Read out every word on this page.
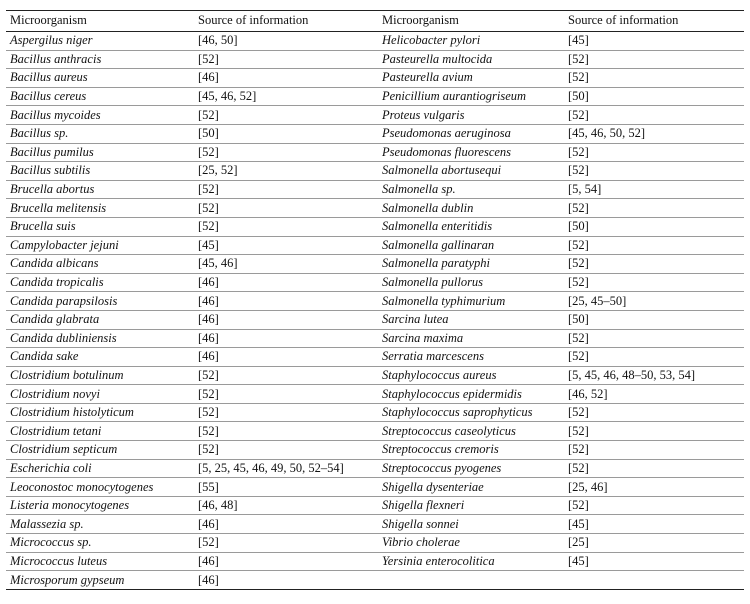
Microorganism	Source of information	Microorganism	Source of information
Aspergilus niger	[46, 50]	Helicobacter pylori	[45]
Bacillus anthracis	[52]	Pasteurella multocida	[52]
Bacillus aureus	[46]	Pasteurella avium	[52]
Bacillus cereus	[45, 46, 52]	Penicillium aurantiogriseum	[50]
Bacillus mycoides	[52]	Proteus vulgaris	[52]
Bacillus sp.	[50]	Pseudomonas aeruginosa	[45, 46, 50, 52]
Bacillus pumilus	[52]	Pseudomonas fluorescens	[52]
Bacillus subtilis	[25, 52]	Salmonella abortusequi	[52]
Brucella abortus	[52]	Salmonella sp.	[5, 54]
Brucella melitensis	[52]	Salmonella dublin	[52]
Brucella suis	[52]	Salmonella enteritidis	[50]
Campylobacter jejuni	[45]	Salmonella gallinaran	[52]
Candida albicans	[45, 46]	Salmonella paratyphi	[52]
Candida tropicalis	[46]	Salmonella pullorus	[52]
Candida parapsilosis	[46]	Salmonella typhimurium	[25, 45–50]
Candida glabrata	[46]	Sarcina lutea	[50]
Candida dubliniensis	[46]	Sarcina maxima	[52]
Candida sake	[46]	Serratia marcescens	[52]
Clostridium botulinum	[52]	Staphylococcus aureus	[5, 45, 46, 48–50, 53, 54]
Clostridium novyi	[52]	Staphylococcus epidermidis	[46, 52]
Clostridium histolyticum	[52]	Staphylococcus saprophyticus	[52]
Clostridium tetani	[52]	Streptococcus caseolyticus	[52]
Clostridium septicum	[52]	Streptococcus cremoris	[52]
Escherichia coli	[5, 25, 45, 46, 49, 50, 52–54]	Streptococcus pyogenes	[52]
Leoconostoc monocytogenes	[55]	Shigella dysenteriae	[25, 46]
Listeria monocytogenes	[46, 48]	Shigella flexneri	[52]
Malassezia sp.	[46]	Shigella sonnei	[45]
Micrococcus sp.	[52]	Vibrio cholerae	[25]
Micrococcus luteus	[46]	Yersinia enterocolitica	[45]
Microsporum gypseum	[46]		
